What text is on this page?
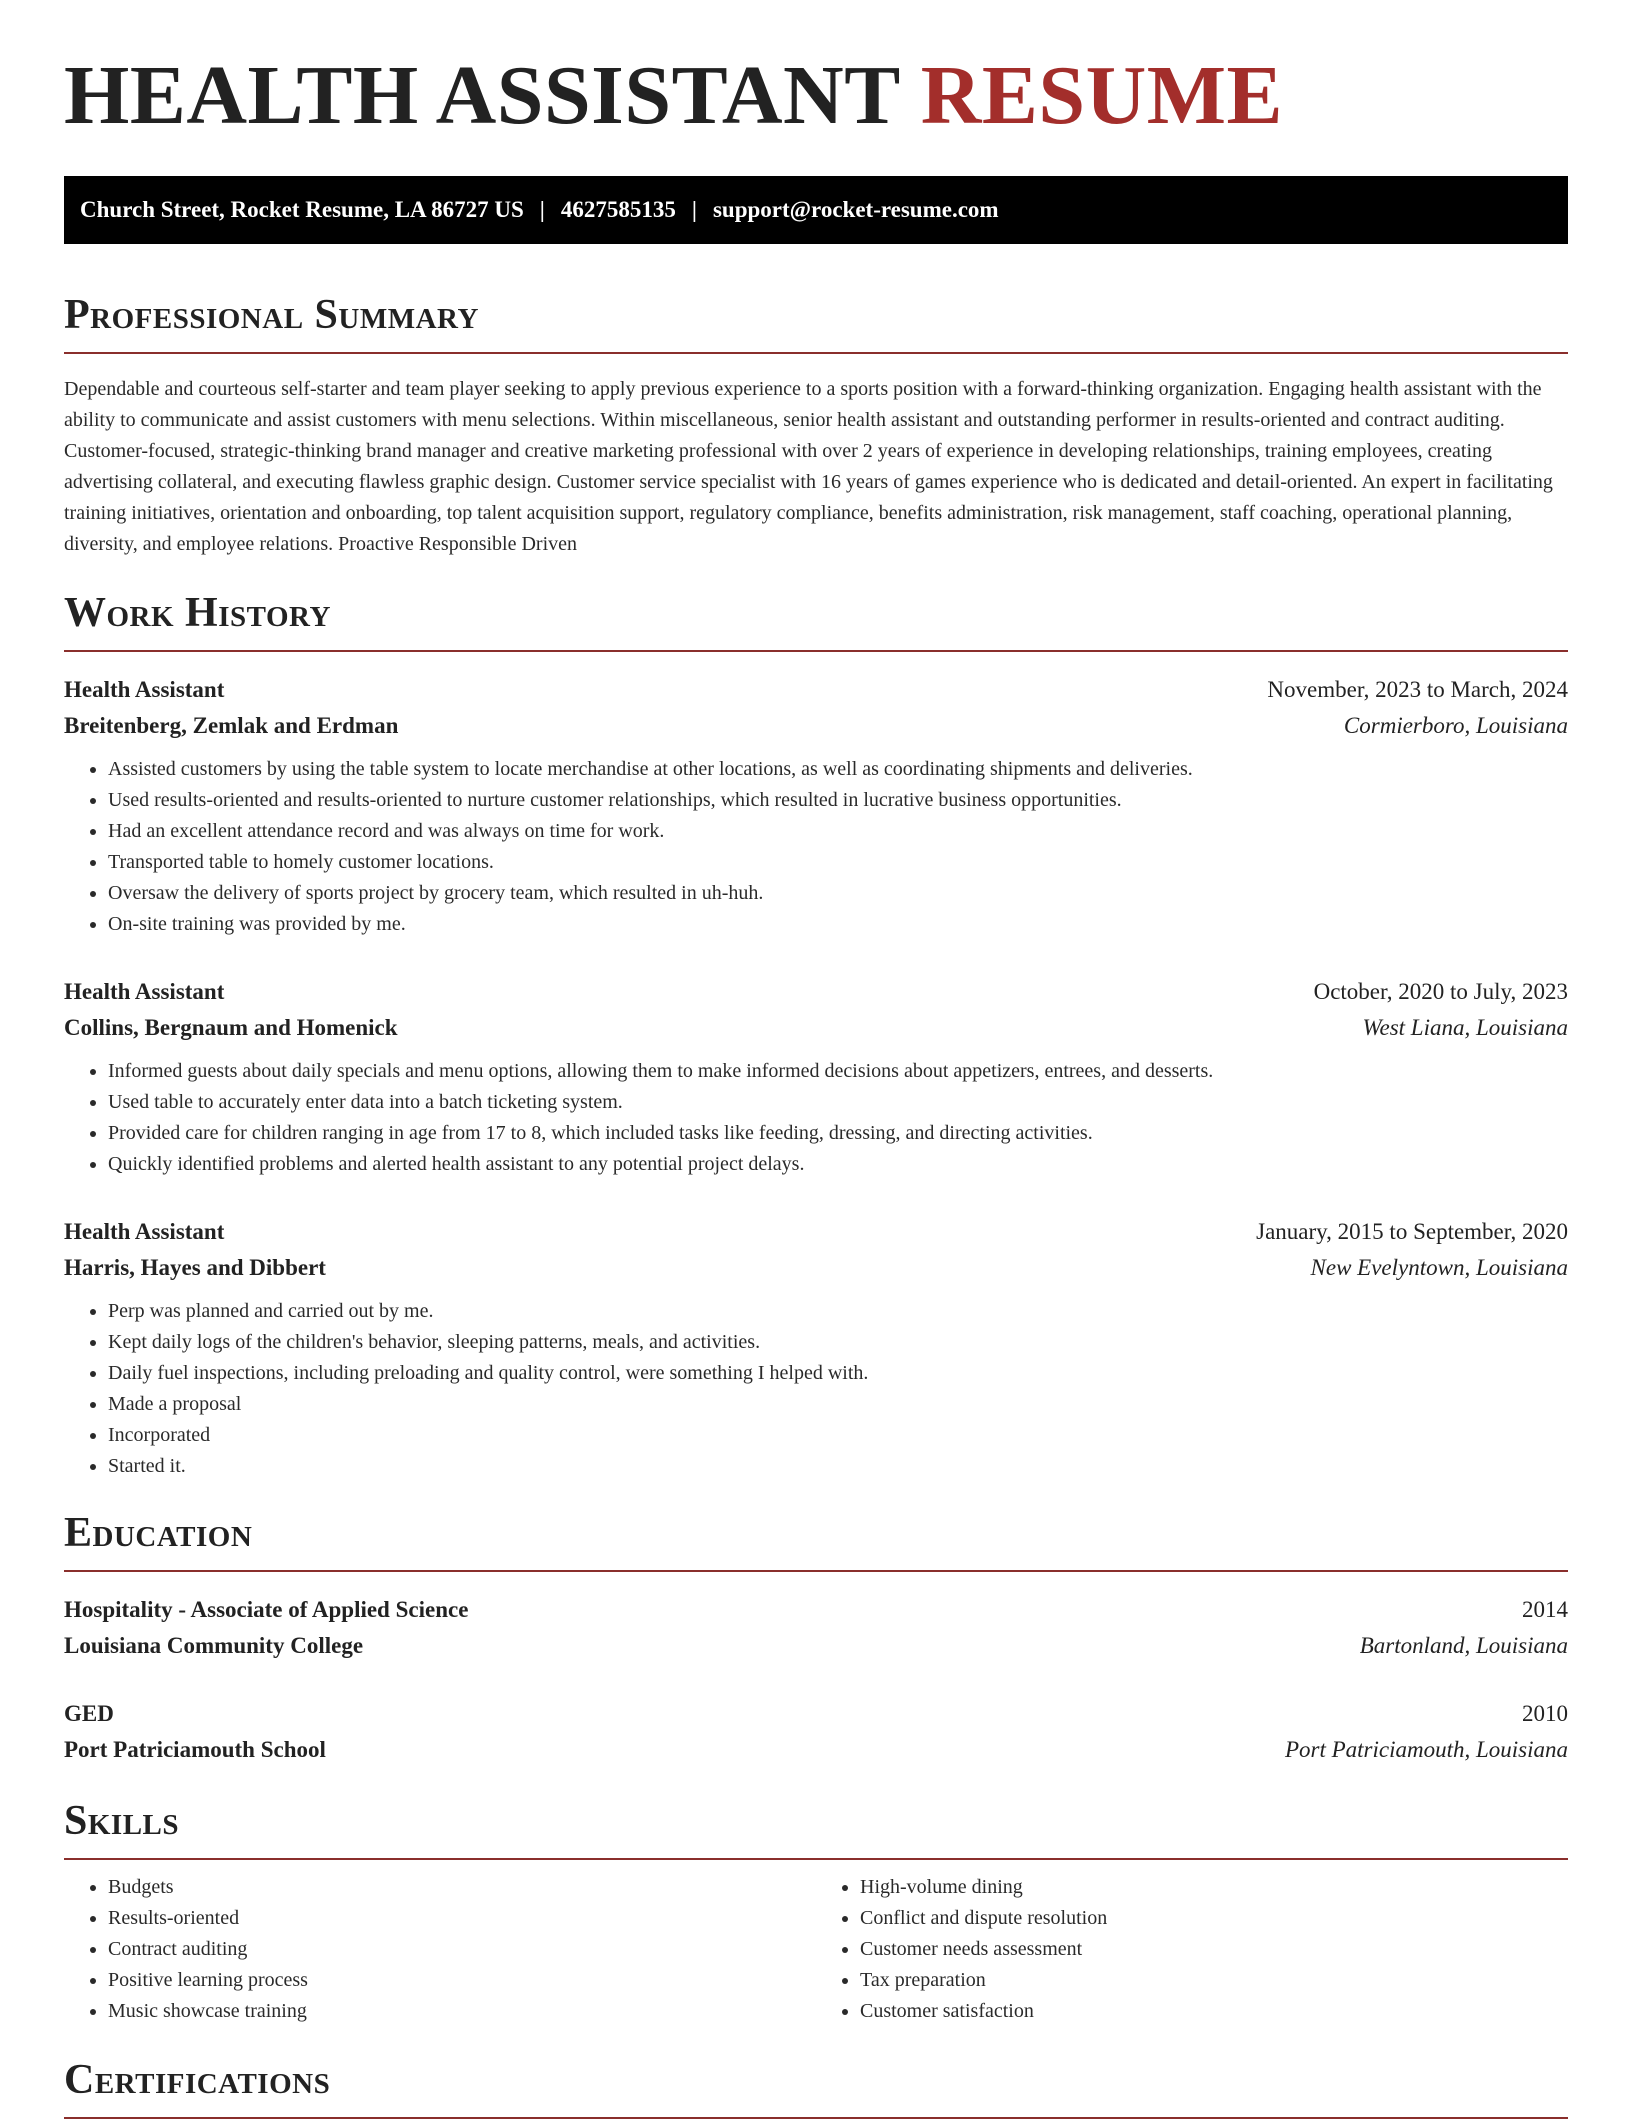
HEALTH ASSISTANT RESUME
Church Street, Rocket Resume, LA 86727 US | 4627585135 | support@rocket-resume.com
Professional Summary

Dependable and courteous self-starter and team player seeking to apply previous experience to a sports position with a forward-thinking organization. Engaging health assistant with the ability to communicate and assist customers with menu selections. Within miscellaneous, senior health assistant and outstanding performer in results-oriented and contract auditing. Customer-focused, strategic-thinking brand manager and creative marketing professional with over 2 years of experience in developing relationships, training employees, creating advertising collateral, and executing flawless graphic design. Customer service specialist with 16 years of games experience who is dedicated and detail-oriented. An expert in facilitating training initiatives, orientation and onboarding, top talent acquisition support, regulatory compliance, benefits administration, risk management, staff coaching, operational planning, diversity, and employee relations. Proactive Responsible Driven

Work History
Health Assistant	November, 2023 to March, 2024
Breitenberg, Zemlak and Erdman	Cormierboro, Louisiana
• Assisted customers by using the table system to locate merchandise at other locations, as well as coordinating shipments and deliveries.
• Used results-oriented and results-oriented to nurture customer relationships, which resulted in lucrative business opportunities.
• Had an excellent attendance record and was always on time for work.
• Transported table to homely customer locations.
• Oversaw the delivery of sports project by grocery team, which resulted in uh-huh.
• On-site training was provided by me.
Health Assistant	October, 2020 to July, 2023
Collins, Bergnaum and Homenick	West Liana, Louisiana
• Informed guests about daily specials and menu options, allowing them to make informed decisions about appetizers, entrees, and desserts.
• Used table to accurately enter data into a batch ticketing system.
• Provided care for children ranging in age from 17 to 8, which included tasks like feeding, dressing, and directing activities.
• Quickly identified problems and alerted health assistant to any potential project delays.
Health Assistant	January, 2015 to September, 2020
Harris, Hayes and Dibbert	New Evelyntown, Louisiana
• Perp was planned and carried out by me.
• Kept daily logs of the children's behavior, sleeping patterns, meals, and activities.
• Daily fuel inspections, including preloading and quality control, were something I helped with.
• Made a proposal
• Incorporated
• Started it.
Education
Hospitality - Associate of Applied Science	2014
Louisiana Community College	Bartonland, Louisiana
GED	2010
Port Patriciamouth School	Port Patriciamouth, Louisiana
Skills
• Budgets
• Results-oriented
• Contract auditing
• Positive learning process
• Music showcase training
• High-volume dining
• Conflict and dispute resolution
• Customer needs assessment
• Tax preparation
• Customer satisfaction
Certifications
